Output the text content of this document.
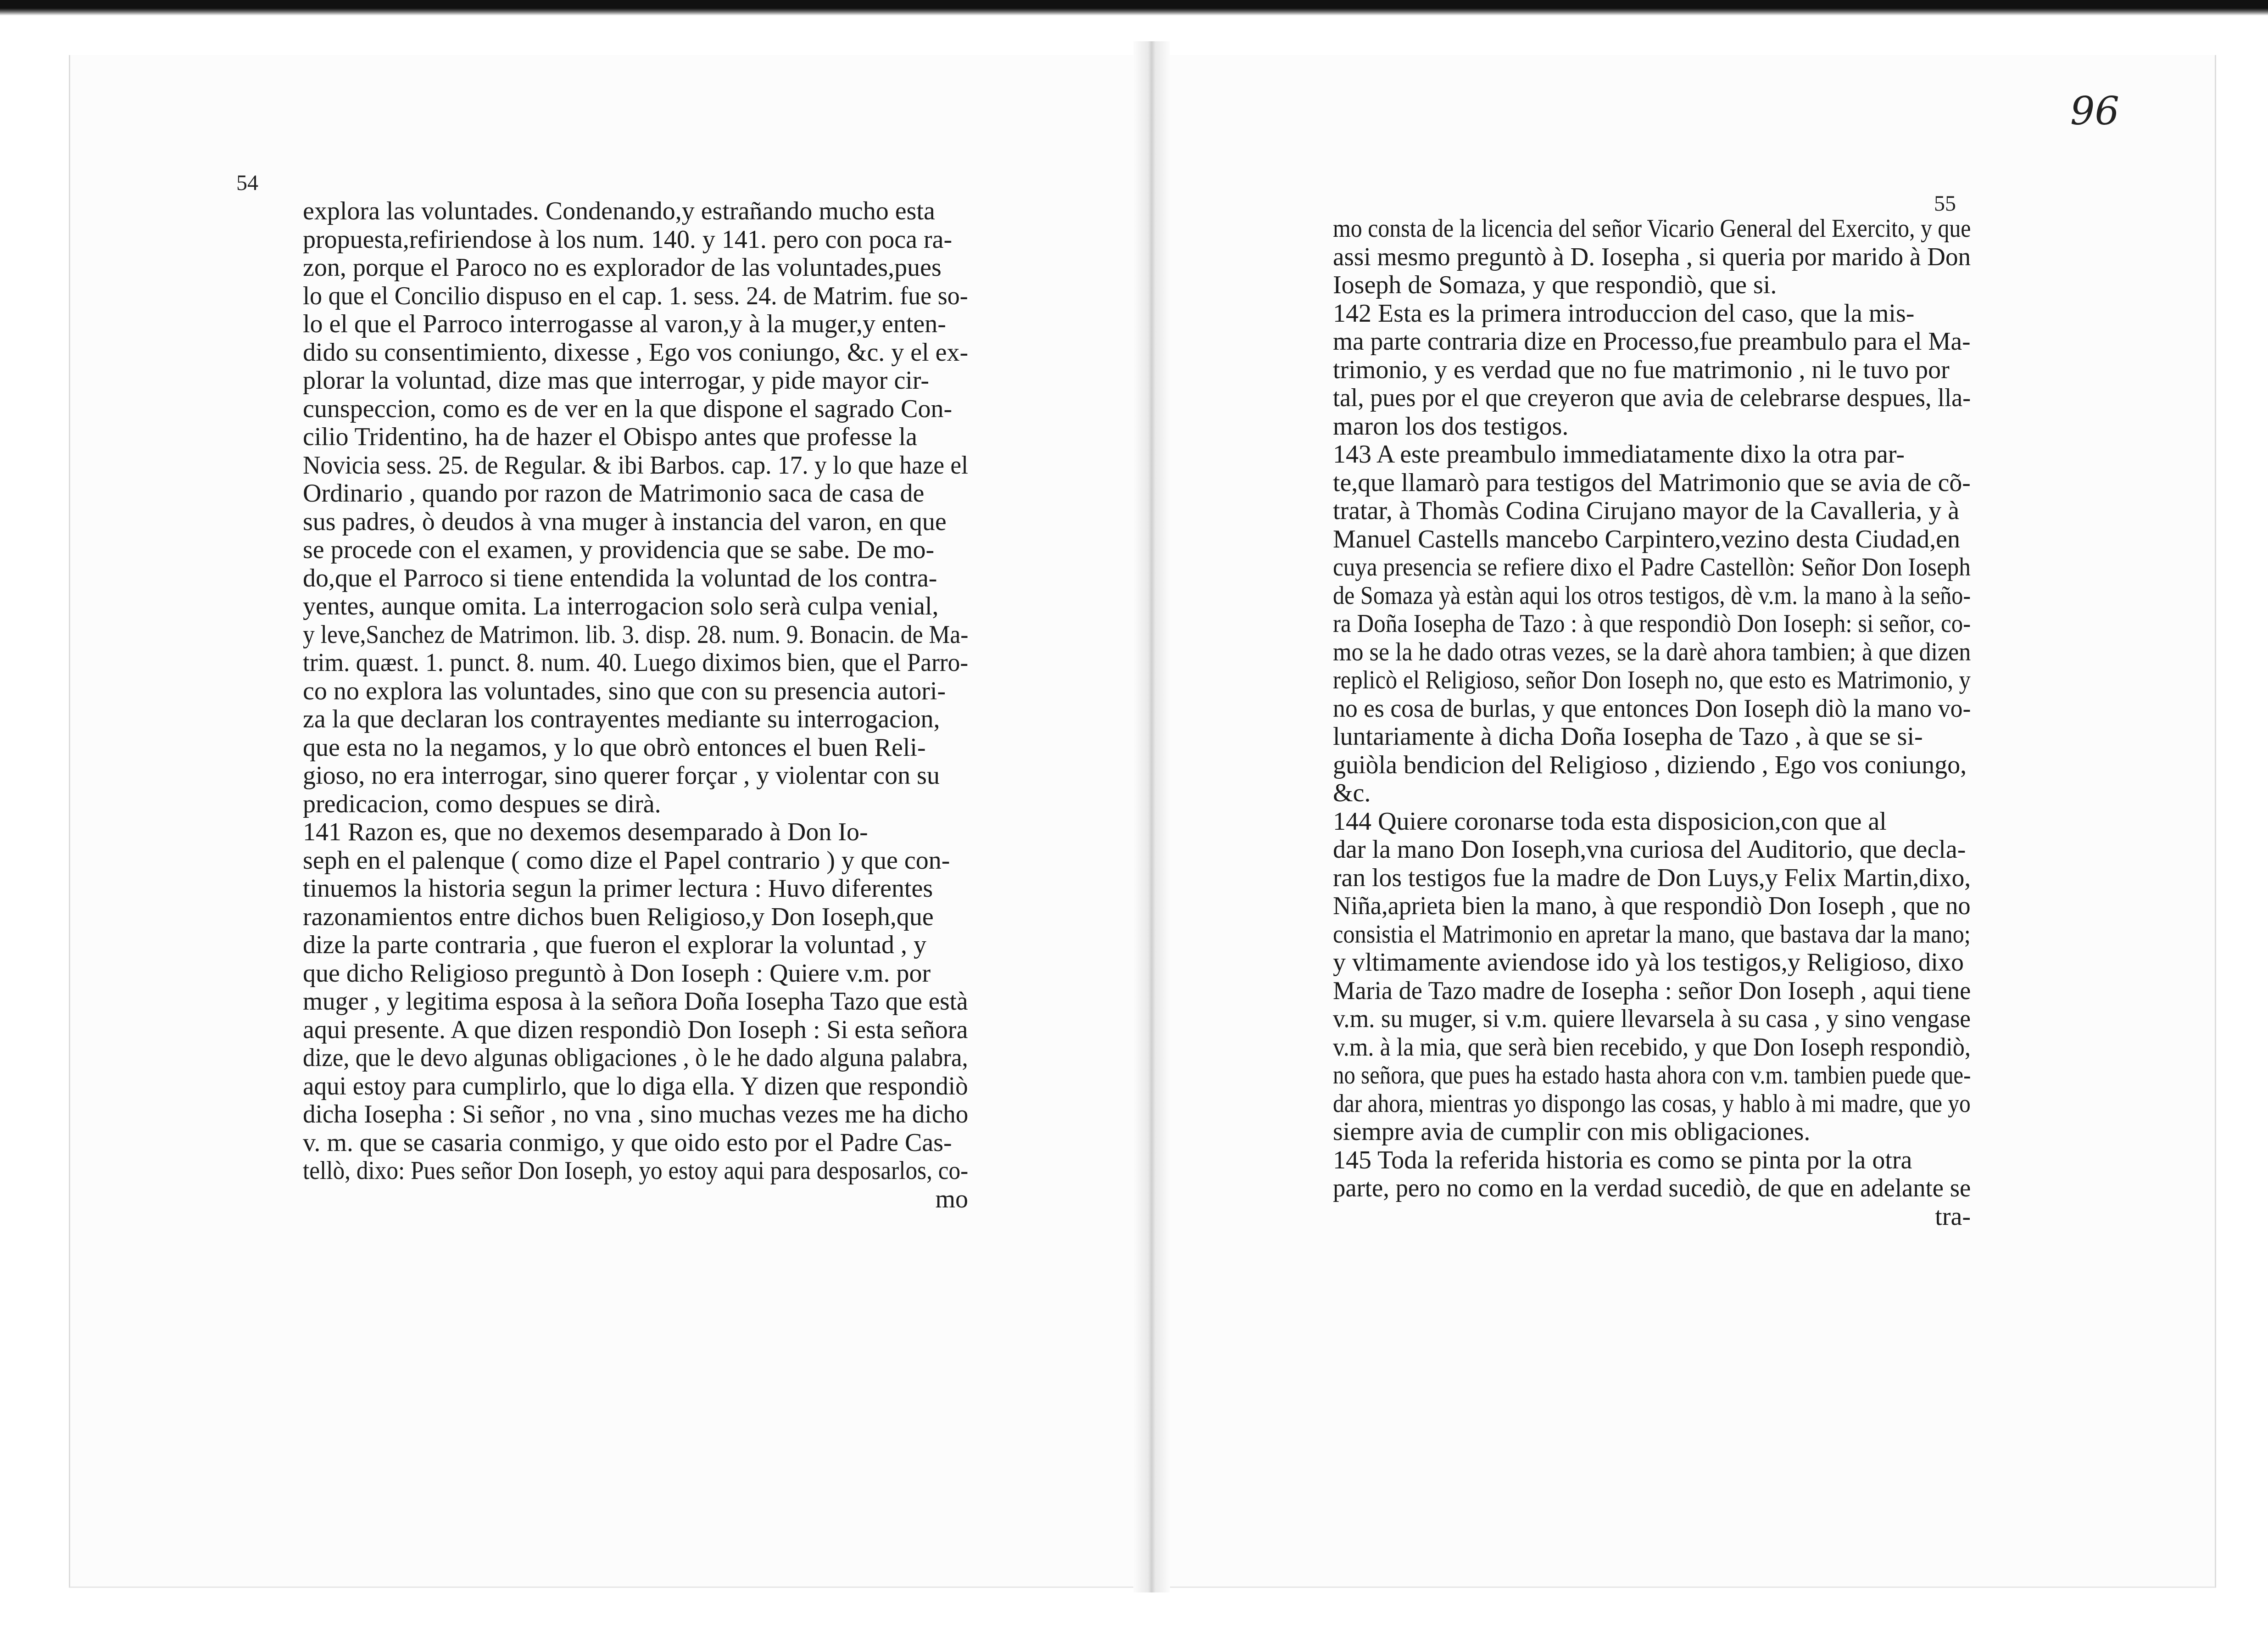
54
55
96
explora las voluntades. Condenando,y estrañando mucho esta
propuesta,refiriendose à los num. 140. y 141. pero con poca ra-
zon, porque el Paroco no es explorador de las voluntades,pues
lo que el Concilio dispuso en el cap. 1. sess. 24. de Matrim. fue so-
lo el que el Parroco interrogasse al varon,y à la muger,y enten-
dido su consentimiento, dixesse , Ego vos coniungo, &c. y el ex-
plorar la voluntad, dize mas que interrogar, y pide mayor cir-
cunspeccion, como es de ver en la que dispone el sagrado Con-
cilio Tridentino, ha de hazer el Obispo antes que professe la
Novicia sess. 25. de Regular. & ibi Barbos. cap. 17. y lo que haze el
Ordinario , quando por razon de Matrimonio saca de casa de
sus padres, ò deudos à vna muger à instancia del varon, en que
se procede con el examen, y providencia que se sabe. De mo-
do,que el Parroco si tiene entendida la voluntad de los contra-
yentes, aunque omita. La interrogacion solo serà culpa venial,
y leve,Sanchez de Matrimon. lib. 3. disp. 28. num. 9. Bonacin. de Ma-
trim. quæst. 1. punct. 8. num. 40. Luego diximos bien, que el Parro-
co no explora las voluntades, sino que con su presencia autori-
za la que declaran los contrayentes mediante su interrogacion,
que esta no la negamos, y lo que obrò entonces el buen Reli-
gioso, no era interrogar, sino querer forçar , y violentar con su
predicacion, como despues se dirà.
141 Razon es, que no dexemos desemparado à Don Io-
seph en el palenque ( como dize el Papel contrario ) y que con-
tinuemos la historia segun la primer lectura : Huvo diferentes
razonamientos entre dichos buen Religioso,y Don Ioseph,que
dize la parte contraria , que fueron el explorar la voluntad , y
que dicho Religioso preguntò à Don Ioseph : Quiere v.m. por
muger , y legitima esposa à la señora Doña Iosepha Tazo que està
aqui presente. A que dizen respondiò Don Ioseph : Si esta señora
dize, que le devo algunas obligaciones , ò le he dado alguna palabra,
aqui estoy para cumplirlo, que lo diga ella. Y dizen que respondiò
dicha Iosepha : Si señor , no vna , sino muchas vezes me ha dicho
v. m. que se casaria conmigo, y que oido esto por el Padre Cas-
tellò, dixo: Pues señor Don Ioseph, yo estoy aqui para desposarlos, co-
mo
mo consta de la licencia del señor Vicario General del Exercito, y que
assi mesmo preguntò à D. Iosepha , si queria por marido à Don
Ioseph de Somaza, y que respondiò, que si.
142 Esta es la primera introduccion del caso, que la mis-
ma parte contraria dize en Processo,fue preambulo para el Ma-
trimonio, y es verdad que no fue matrimonio , ni le tuvo por
tal, pues por el que creyeron que avia de celebrarse despues, lla-
maron los dos testigos.
143 A este preambulo immediatamente dixo la otra par-
te,que llamarò para testigos del Matrimonio que se avia de cõ-
tratar, à Thomàs Codina Cirujano mayor de la Cavalleria, y à
Manuel Castells mancebo Carpintero,vezino desta Ciudad,en
cuya presencia se refiere dixo el Padre Castellòn: Señor Don Ioseph
de Somaza yà estàn aqui los otros testigos, dè v.m. la mano à la seño-
ra Doña Iosepha de Tazo : à que respondiò Don Ioseph: si señor, co-
mo se la he dado otras vezes, se la darè ahora tambien; à que dizen
replicò el Religioso, señor Don Ioseph no, que esto es Matrimonio, y
no es cosa de burlas, y que entonces Don Ioseph diò la mano vo-
luntariamente à dicha Doña Iosepha de Tazo , à que se si-
guiòla bendicion del Religioso , diziendo , Ego vos coniungo,
&c.
144 Quiere coronarse toda esta disposicion,con que al
dar la mano Don Ioseph,vna curiosa del Auditorio, que decla-
ran los testigos fue la madre de Don Luys,y Felix Martin,dixo,
Niña,aprieta bien la mano, à que respondiò Don Ioseph , que no
consistia el Matrimonio en apretar la mano, que bastava dar la mano;
y vltimamente aviendose ido yà los testigos,y Religioso, dixo
Maria de Tazo madre de Iosepha : señor Don Ioseph , aqui tiene
v.m. su muger, si v.m. quiere llevarsela à su casa , y sino vengase
v.m. à la mia, que serà bien recebido, y que Don Ioseph respondiò,
no señora, que pues ha estado hasta ahora con v.m. tambien puede que-
dar ahora, mientras yo dispongo las cosas, y hablo à mi madre, que yo
siempre avia de cumplir con mis obligaciones.
145 Toda la referida historia es como se pinta por la otra
parte, pero no como en la verdad sucediò, de que en adelante se
tra-
